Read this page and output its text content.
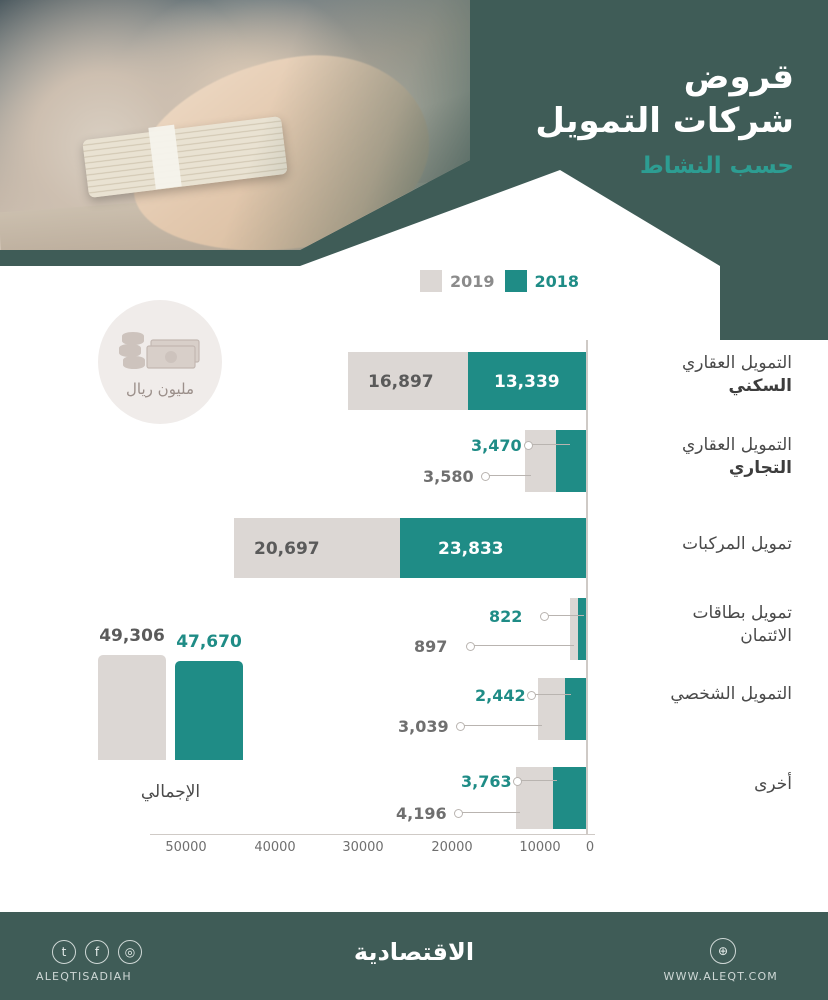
قروض
شركات التمويل
حسب النشاط
2018
2019
مليون ريال
التمويل العقاري
السكني
13,339
16,897
التمويل العقاري
التجاري
3,470
3,580
تمويل المركبات
23,833
20,697
تمويل بطاقات
الائتمان
822
897
التمويل الشخصي
2,442
3,039
أخرى
3,763
4,196
49,306 47,670
الإجمالي
50000	40000	30000	20000	10000 0
◎
f
t
ALEQTISADIAH
الاقتصادية	⊕
WWW.ALEQT.COM
